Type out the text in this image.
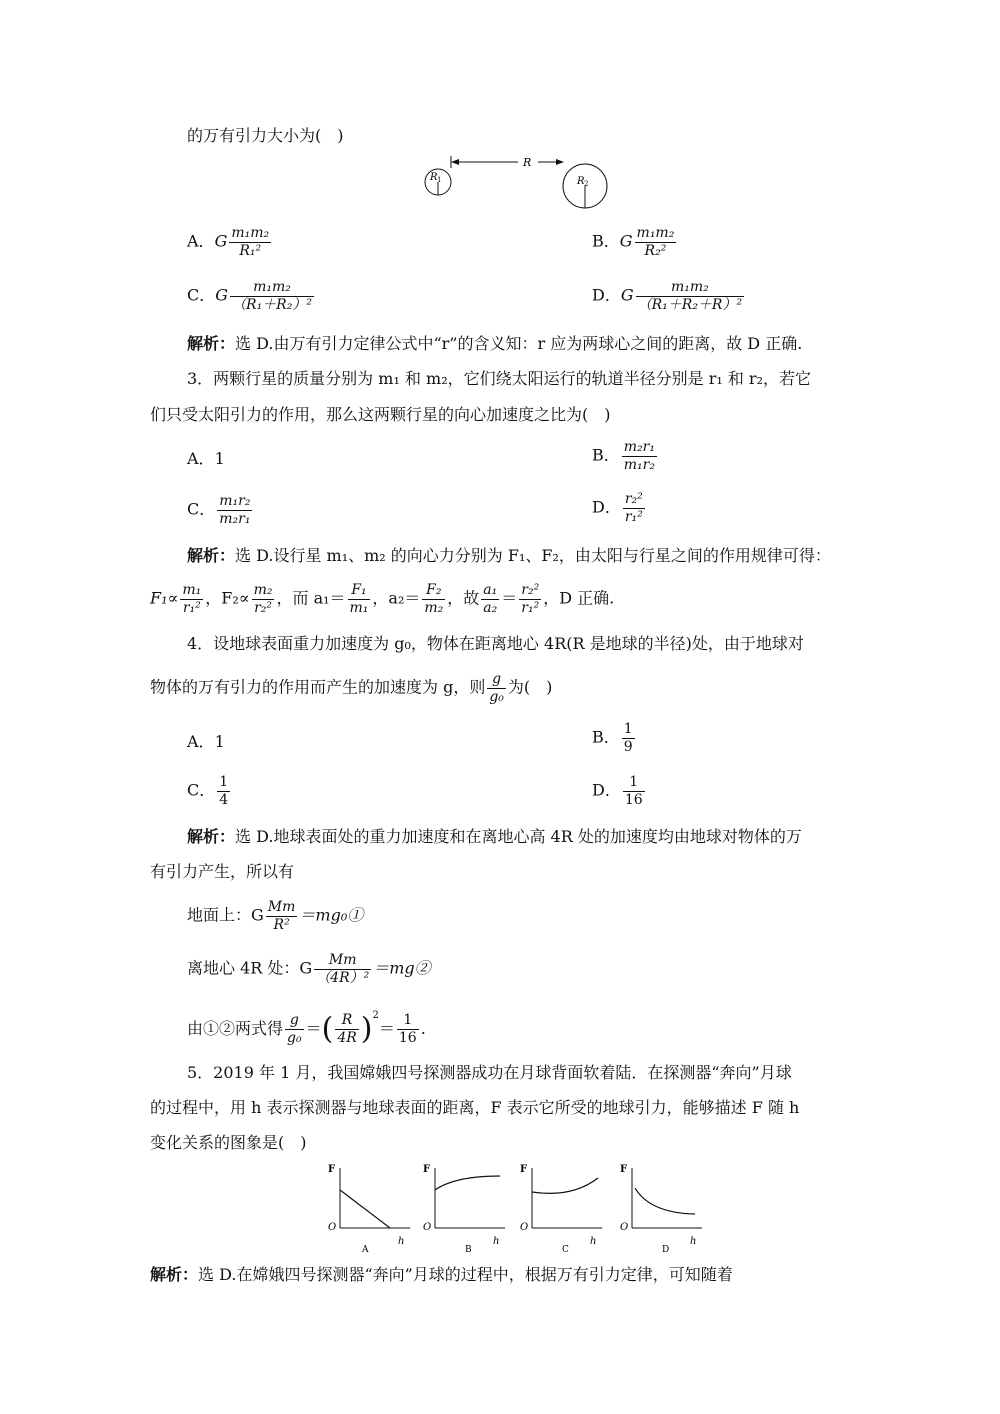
的万有引力大小为(　)
R
R 1	R 2
A．G $\frac{\text{m₁m₂}}{\text{R₁²}}$	B．G $\frac{\text{m₁m₂}}{\text{R₂²}}$
C．G $\frac{\text{m₁m₂}}{\text{（R₁＋R₂）²}}$	D．G $\frac{\text{m₁m₂}}{\text{（R₁＋R₂＋R）²}}$
解析：选 D.由万有引力定律公式中“r”的含义知：r 应为两球心之间的距离，故 D 正确.
3．两颗行星的质量分别为 m₁ 和 m₂，它们绕太阳运行的轨道半径分别是 r₁ 和 r₂，若它
们只受太阳引力的作用，那么这两颗行星的向心加速度之比为(　)
A．1	B． $\frac{\text{m₂r₁}}{\text{m₁r₂}}$
C． $\frac{\text{m₁r₂}}{\text{m₂r₁}}$	D． $\frac{\text{r₂²}}{\text{r₁²}}$
解析：选 D.设行星 m₁、m₂ 的向心力分别为 F₁、F₂，由太阳与行星之间的作用规律可得：
$F_1\propto \frac{\text{m₁}}{\text{r₁²}}$ ，$F_2\propto \frac{\text{m₂}}{\text{r₂²}}$ ，而 $a_1= \frac{\text{F₁}}{\text{m₁}}$ ，$a_2= \frac{\text{F₂}}{\text{m₂}}$ ，故 $\frac{\text{a₁}}{\text{a₂}} = \frac{\text{r₂²}}{\text{r₁²}}$ ，D 正确.
4．设地球表面重力加速度为 g₀，物体在距离地心 4R(R 是地球的半径)处，由于地球对
物体的万有引力的作用而产生的加速度为 g，则 $\frac{g}{\text{g₀}}$ 为(　)
A．1	B． $\frac{1}{9}$
C． $\frac{1}{4}$	D． $\frac{1}{16}$
解析：选 D.地球表面处的重力加速度和在离地心高 4R 处的加速度均由地球对物体的万
有引力产生，所以有
地面上：G $\frac{Mm}{\text{R²}}$ ＝mg₀①
离地心 4R 处：G $\frac{Mm}{\text{（4R）²}}$ ＝mg②
由①②两式得 $\frac{g}{\text{g₀}}$ ＝( $\frac{R}{4R} )^2= \frac{1}{16}$ .
5．2019 年 1 月，我国嫦娥四号探测器成功在月球背面软着陆．在探测器“奔向”月球
的过程中，用 h 表示探测器与地球表面的距离，F 表示它所受的地球引力，能够描述 F 随 h
变化关系的图象是(　)
F
O
h
A
F
O
h
B
F
O
h
C
F
O
h
D
解析：选 D.在嫦娥四号探测器“奔向”月球的过程中，根据万有引力定律，可知随着
